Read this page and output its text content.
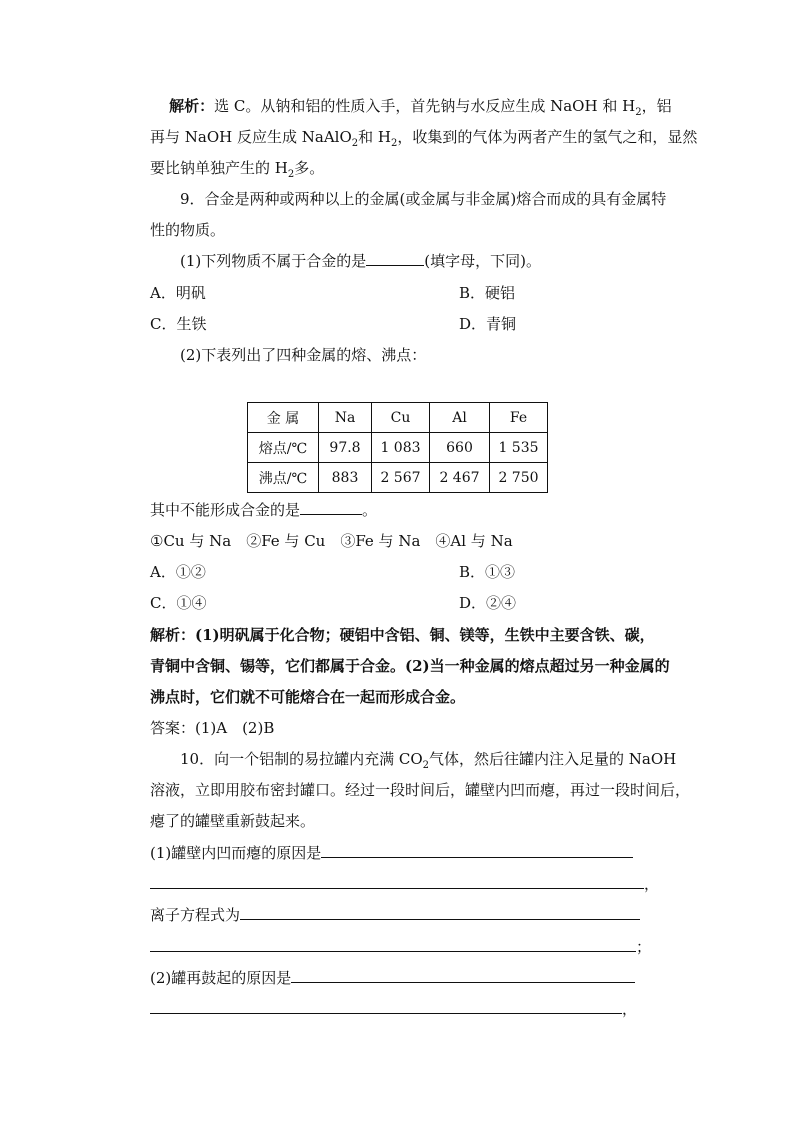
解析：选 C。从钠和铝的性质入手，首先钠与水反应生成 NaOH 和 $H_2$，铝
再与 NaOH 反应生成 NaAlO$_2$和 $H_2$，收集到的气体为两者产生的氢气之和，显然
要比钠单独产生的 $H_2$多。
9．合金是两种或两种以上的金属(或金属与非金属)熔合而成的具有金属特
性的物质。
(1)下列物质不属于合金的是	(填字母，下同)。
A．明矾	B．硬铝
C．生铁	D．青铜
(2)下表列出了四种金属的熔、沸点：
金 属	Na	Cu	Al	Fe
熔点/℃	97.8	1 083	660	1 535
沸点/℃	883	2 567	2 467	2 750
其中不能形成合金的是	。
①Cu 与 Na　②Fe 与 Cu　③Fe 与 Na　④Al 与 Na
A．①②	B．①③
C．①④	D．②④
解析：(1)明矾属于化合物；硬铝中含铝、铜、镁等，生铁中主要含铁、碳，
青铜中含铜、锡等，它们都属于合金。(2)当一种金属的熔点超过另一种金属的
沸点时，它们就不可能熔合在一起而形成合金。
答案：(1)A　(2)B
10．向一个铝制的易拉罐内充满 $CO_2$气体，然后往罐内注入足量的 NaOH
溶液，立即用胶布密封罐口。经过一段时间后，罐壁内凹而瘪，再过一段时间后，
瘪了的罐壁重新鼓起来。
(1)罐壁内凹而瘪的原因是
，
离子方程式为
；
(2)罐再鼓起的原因是
，
